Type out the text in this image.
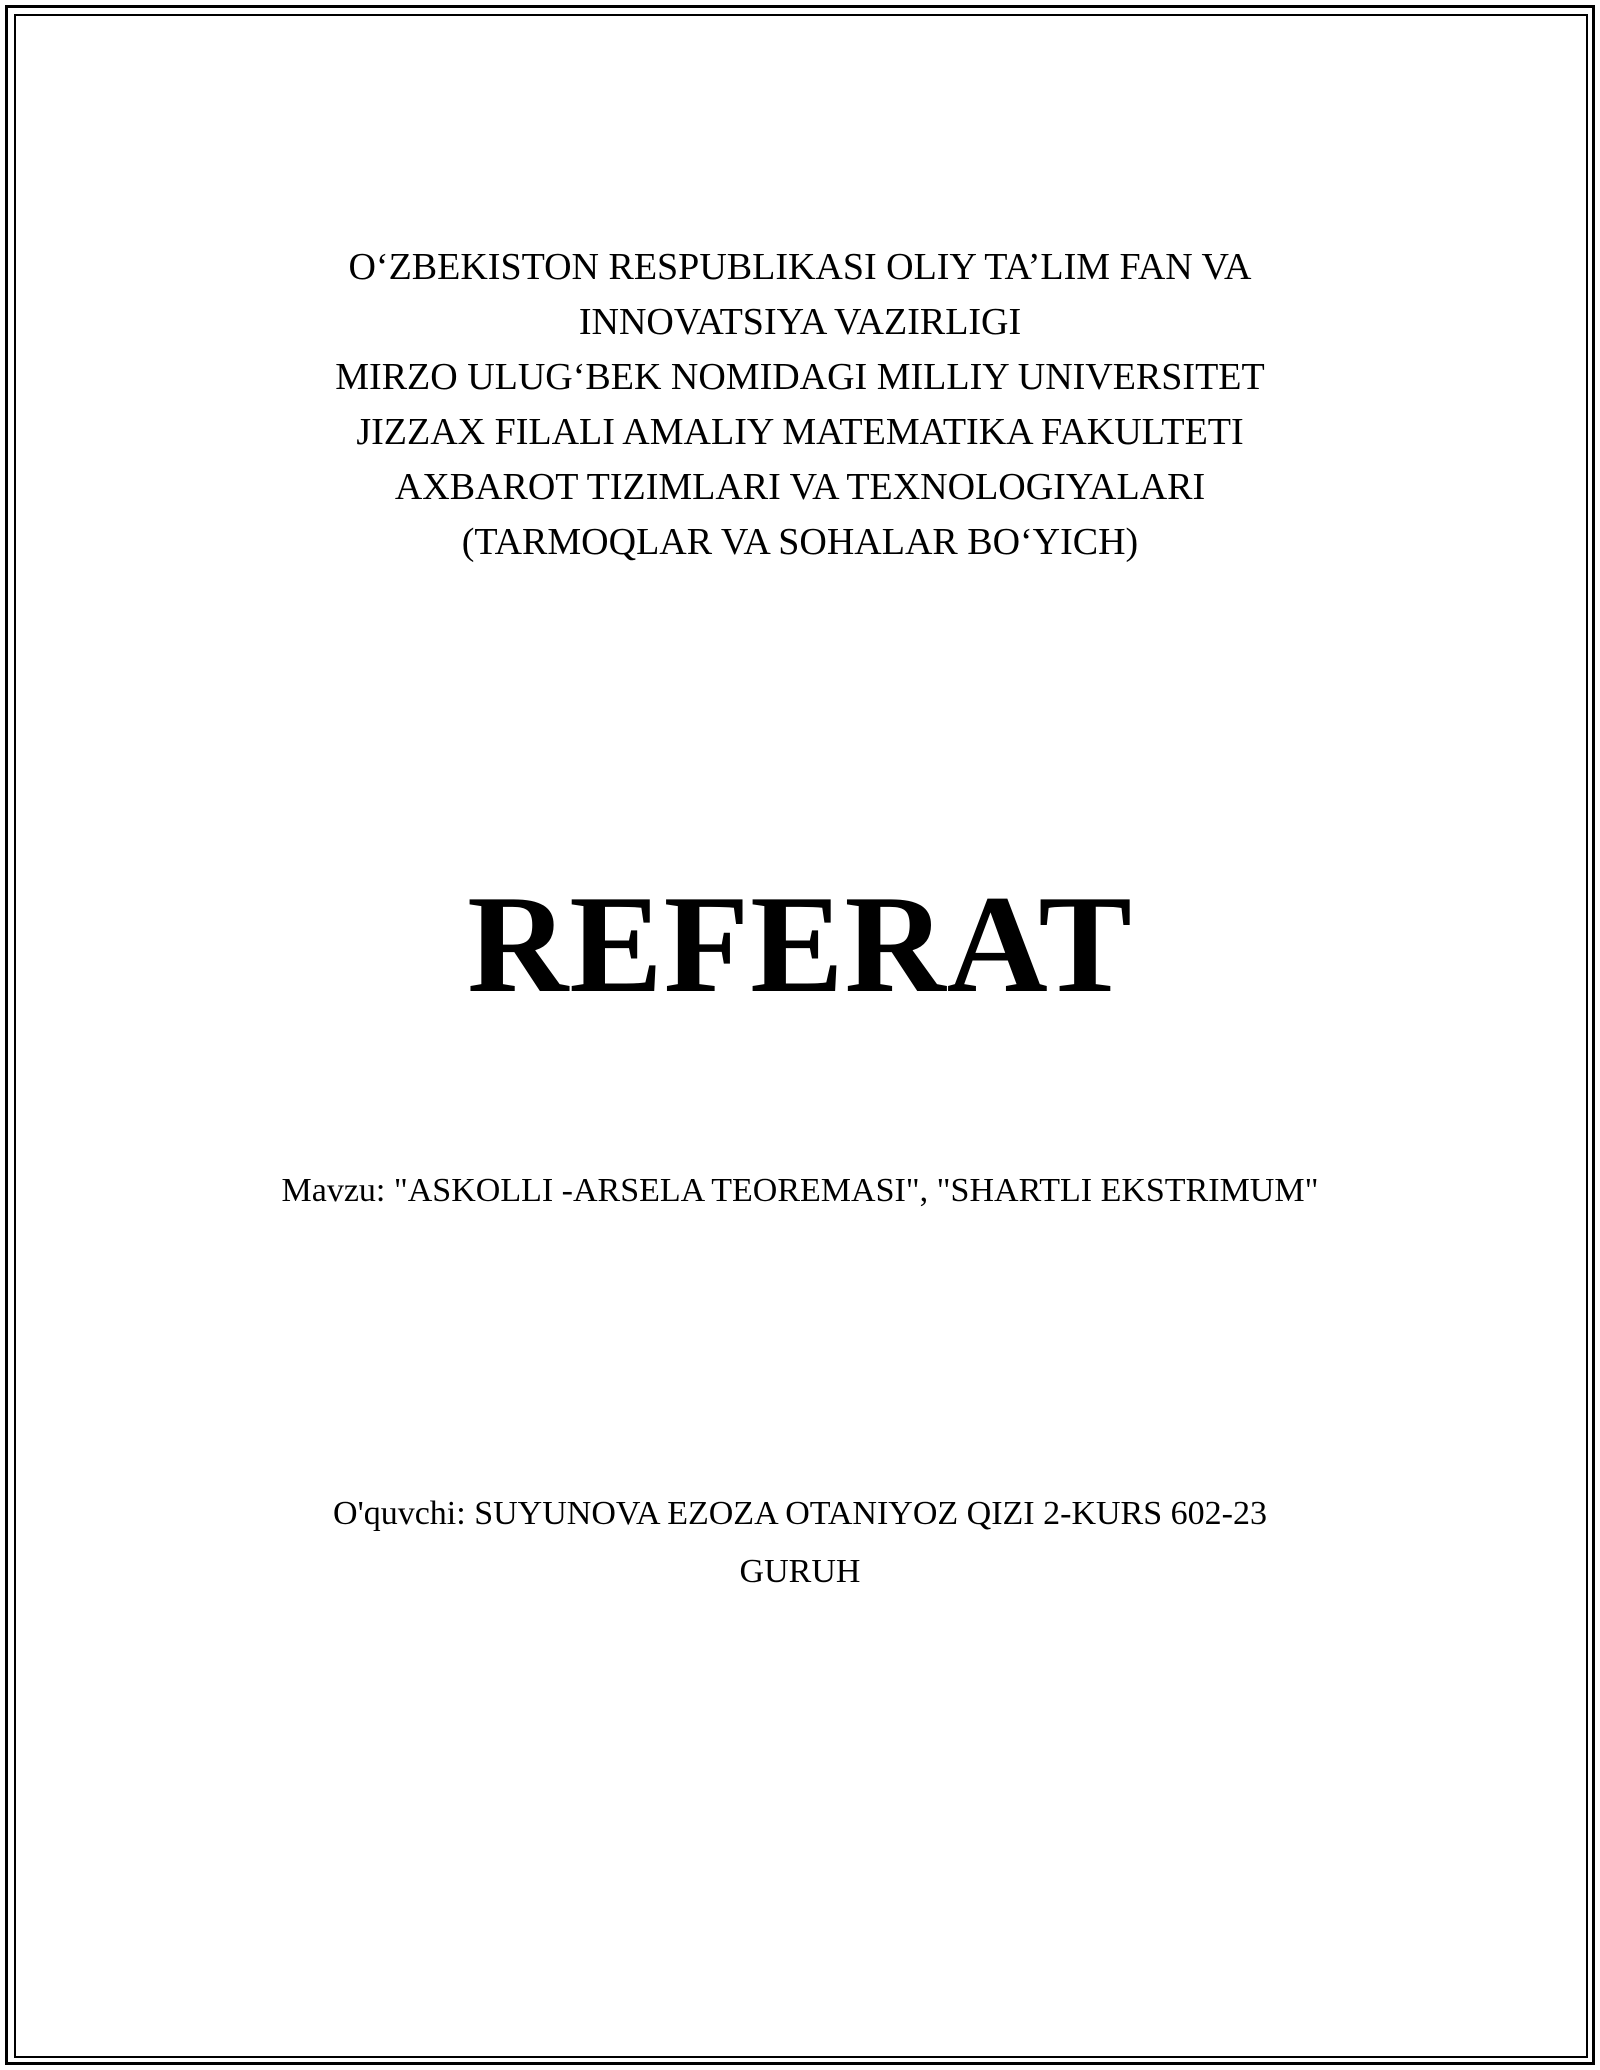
O‘ZBEKISTON RESPUBLIKASI OLIY TA’LIM FAN VA
INNOVATSIYA VAZIRLIGI
MIRZO ULUG‘BEK NOMIDAGI MILLIY UNIVERSITET
JIZZAX FILALI AMALIY MATEMATIKA FAKULTETI
AXBAROT TIZIMLARI VA TEXNOLOGIYALARI
(TARMOQLAR VA SOHALAR BO‘YICH)
REFERAT
Mavzu: "ASKOLLI -ARSELA TEOREMASI", "SHARTLI EKSTRIMUM"
O'quvchi: SUYUNOVA EZOZA OTANIYOZ QIZI 2-KURS 602-23
GURUH
